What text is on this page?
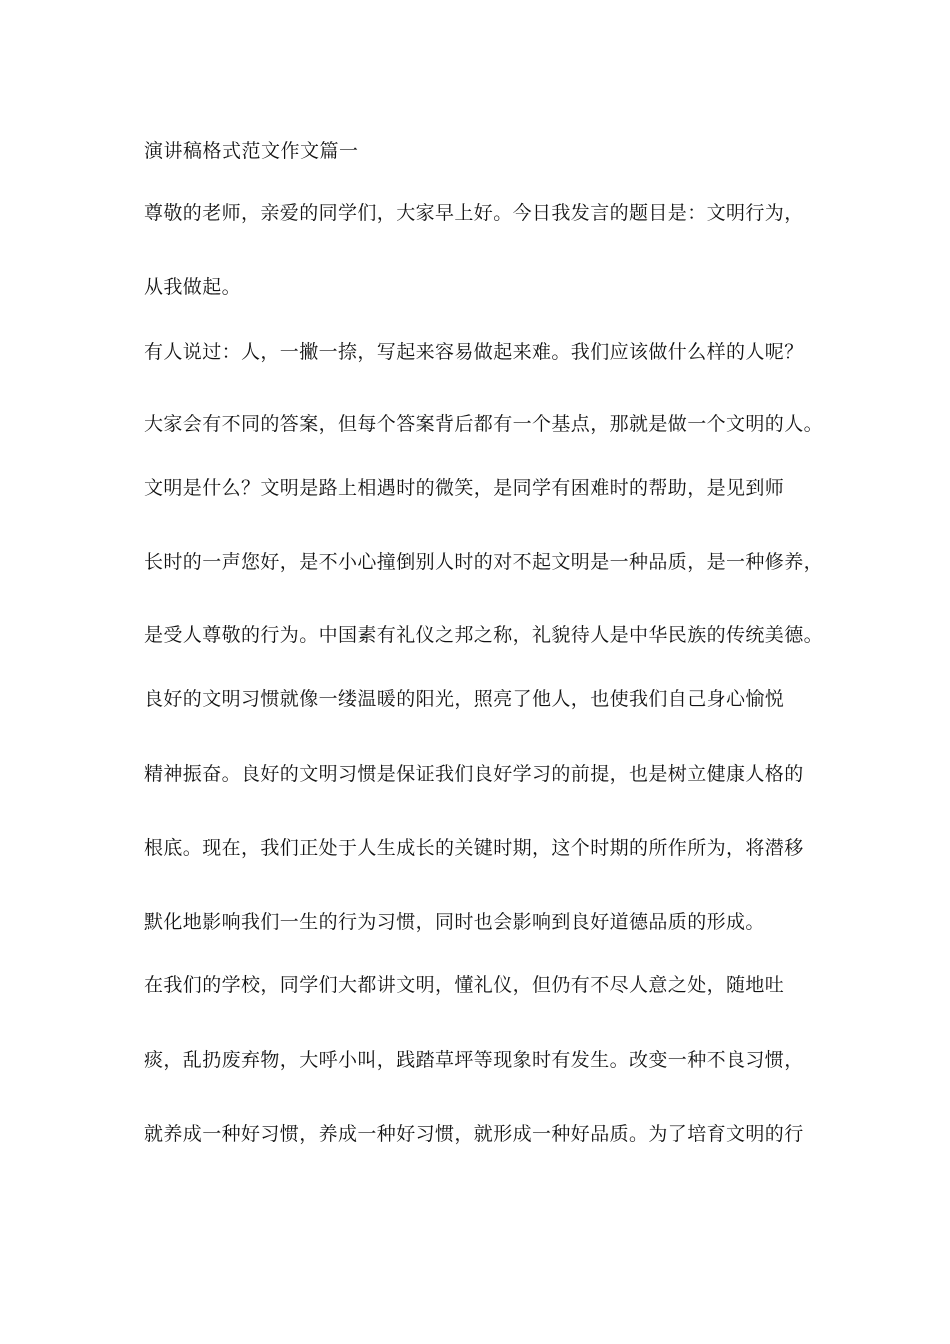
演讲稿格式范文作文篇一
尊敬的老师，亲爱的同学们，大家早上好。今日我发言的题目是：文明行为，
从我做起。
有人说过：人，一撇一捺，写起来容易做起来难。我们应该做什么样的人呢？
大家会有不同的答案，但每个答案背后都有一个基点，那就是做一个文明的人。
文明是什么？文明是路上相遇时的微笑，是同学有困难时的帮助，是见到师
长时的一声您好，是不小心撞倒别人时的对不起文明是一种品质，是一种修养，
是受人尊敬的行为。中国素有礼仪之邦之称，礼貌待人是中华民族的传统美德。
良好的文明习惯就像一缕温暖的阳光，照亮了他人，也使我们自己身心愉悦
精神振奋。良好的文明习惯是保证我们良好学习的前提，也是树立健康人格的
根底。现在，我们正处于人生成长的关键时期，这个时期的所作所为，将潜移
默化地影响我们一生的行为习惯，同时也会影响到良好道德品质的形成。
在我们的学校，同学们大都讲文明，懂礼仪，但仍有不尽人意之处，随地吐
痰，乱扔废弃物，大呼小叫，践踏草坪等现象时有发生。改变一种不良习惯，
就养成一种好习惯，养成一种好习惯，就形成一种好品质。为了培育文明的行
